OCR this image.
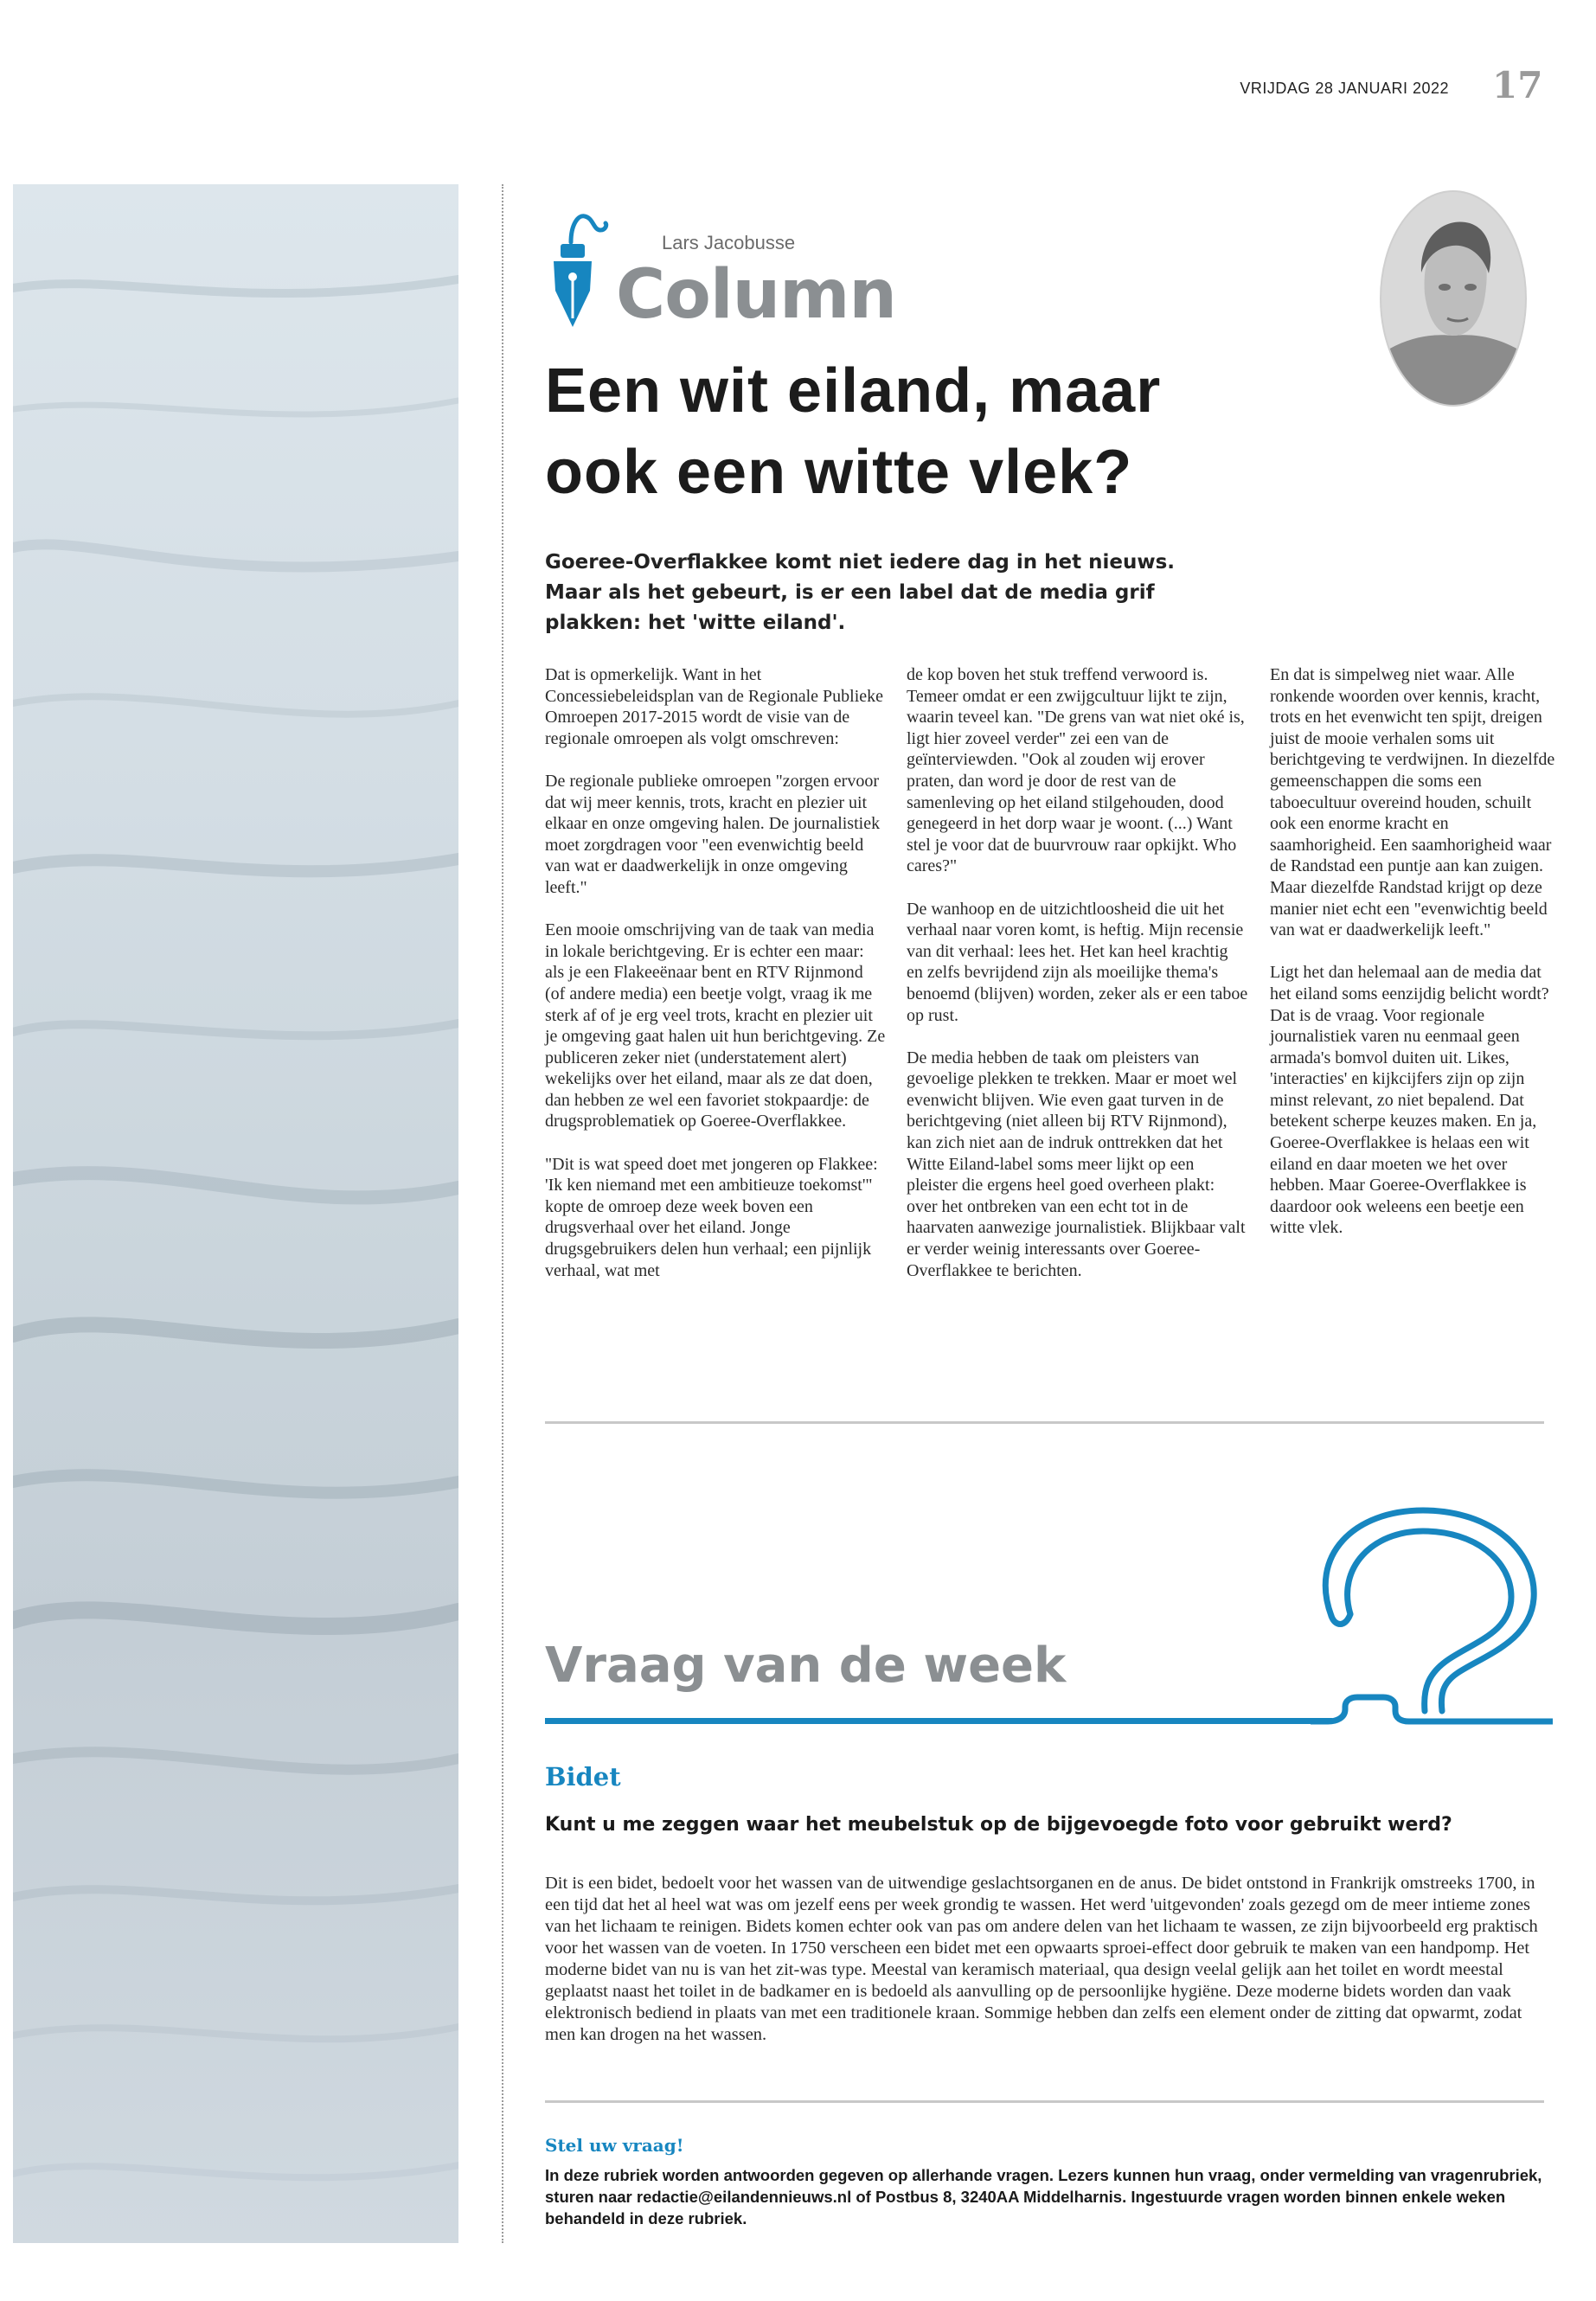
VRIJDAG 28 JANUARI 2022 17
Lars Jacobusse
Column
Een wit eiland, maar
ook een witte vlek?
Goeree-Overflakkee komt niet iedere dag in het nieuws. Maar als het gebeurt, is er een label dat de media grif plakken: het 'witte eiland'.

Dat is opmerkelijk. Want in het Concessiebeleidsplan van de Regionale Publieke Omroepen 2017-2015 wordt de visie van de regionale omroepen als volgt omschreven:

De regionale publieke omroepen "zorgen ervoor dat wij meer kennis, trots, kracht en plezier uit elkaar en onze omgeving halen. De journalistiek moet zorgdragen voor "een evenwichtig beeld van wat er daadwerkelijk in onze omgeving leeft."

Een mooie omschrijving van de taak van media in lokale berichtgeving. Er is echter een maar: als je een Flakeeënaar bent en RTV Rijnmond (of andere media) een beetje volgt, vraag ik me sterk af of je erg veel trots, kracht en plezier uit je omgeving gaat halen uit hun berichtgeving. Ze publiceren zeker niet (understatement alert) wekelijks over het eiland, maar als ze dat doen, dan hebben ze wel een favoriet stokpaardje: de drugsproblematiek op Goeree-Overflakkee.

"Dit is wat speed doet met jongeren op Flakkee: 'Ik ken niemand met een ambitieuze toekomst'" kopte de omroep deze week boven een drugsverhaal over het eiland. Jonge drugsgebruikers delen hun verhaal; een pijnlijk verhaal, wat met

de kop boven het stuk treffend verwoord is. Temeer omdat er een zwijgcultuur lijkt te zijn, waarin teveel kan. "De grens van wat niet oké is, ligt hier zoveel verder" zei een van de geïnterviewden. "Ook al zouden wij erover praten, dan word je door de rest van de samenleving op het eiland stilgehouden, dood genegeerd in het dorp waar je woont. (...) Want stel je voor dat de buurvrouw raar opkijkt. Who cares?"

De wanhoop en de uitzichtloosheid die uit het verhaal naar voren komt, is heftig. Mijn recensie van dit verhaal: lees het. Het kan heel krachtig en zelfs bevrijdend zijn als moeilijke thema's benoemd (blijven) worden, zeker als er een taboe op rust.

De media hebben de taak om pleisters van gevoelige plekken te trekken. Maar er moet wel evenwicht blijven. Wie even gaat turven in de berichtgeving (niet alleen bij RTV Rijnmond), kan zich niet aan de indruk onttrekken dat het Witte Eiland-label soms meer lijkt op een pleister die ergens heel goed overheen plakt: over het ontbreken van een echt tot in de haarvaten aanwezige journalistiek. Blijkbaar valt er verder weinig interessants over Goeree-Overflakkee te berichten.

En dat is simpelweg niet waar. Alle ronkende woorden over kennis, kracht, trots en het evenwicht ten spijt, dreigen juist de mooie verhalen soms uit berichtgeving te verdwijnen. In diezelfde gemeenschappen die soms een taboecultuur overeind houden, schuilt ook een enorme kracht en saamhorigheid. Een saamhorigheid waar de Randstad een puntje aan kan zuigen. Maar diezelfde Randstad krijgt op deze manier niet echt een "evenwichtig beeld van wat er daadwerkelijk leeft."

Ligt het dan helemaal aan de media dat het eiland soms eenzijdig belicht wordt? Dat is de vraag. Voor regionale journalistiek varen nu eenmaal geen armada's bomvol duiten uit. Likes, 'interacties' en kijkcijfers zijn op zijn minst relevant, zo niet bepalend. Dat betekent scherpe keuzes maken. En ja, Goeree-Overflakkee is helaas een wit eiland en daar moeten we het over hebben. Maar Goeree-Overflakkee is daardoor ook weleens een beetje een witte vlek.

Vraag van de week
Bidet
Kunt u me zeggen waar het meubelstuk op de bijgevoegde foto voor gebruikt werd?
Dit is een bidet, bedoelt voor het wassen van de uitwendige geslachtsorganen en de anus. De bidet ontstond in Frankrijk omstreeks 1700, in een tijd dat het al heel wat was om jezelf eens per week grondig te wassen. Het werd 'uitgevonden' zoals gezegd om de meer intieme zones van het lichaam te reinigen. Bidets komen echter ook van pas om andere delen van het lichaam te wassen, ze zijn bijvoorbeeld erg praktisch voor het wassen van de voeten. In 1750 verscheen een bidet met een opwaarts sproei-effect door gebruik te maken van een handpomp. Het moderne bidet van nu is van het zit-was type. Meestal van keramisch materiaal, qua design veelal gelijk aan het toilet en wordt meestal geplaatst naast het toilet in de badkamer en is bedoeld als aanvulling op de persoonlijke hygiëne. Deze moderne bidets worden dan vaak elektronisch bediend in plaats van met een traditionele kraan. Sommige hebben dan zelfs een element onder de zitting dat opwarmt, zodat men kan drogen na het wassen.
Stel uw vraag!
In deze rubriek worden antwoorden gegeven op allerhande vragen. Lezers kunnen hun vraag, onder vermelding van vragenrubriek, sturen naar redactie@eilandennieuws.nl of Postbus 8, 3240AA Middelharnis. Ingestuurde vragen worden binnen enkele weken behandeld in deze rubriek.
